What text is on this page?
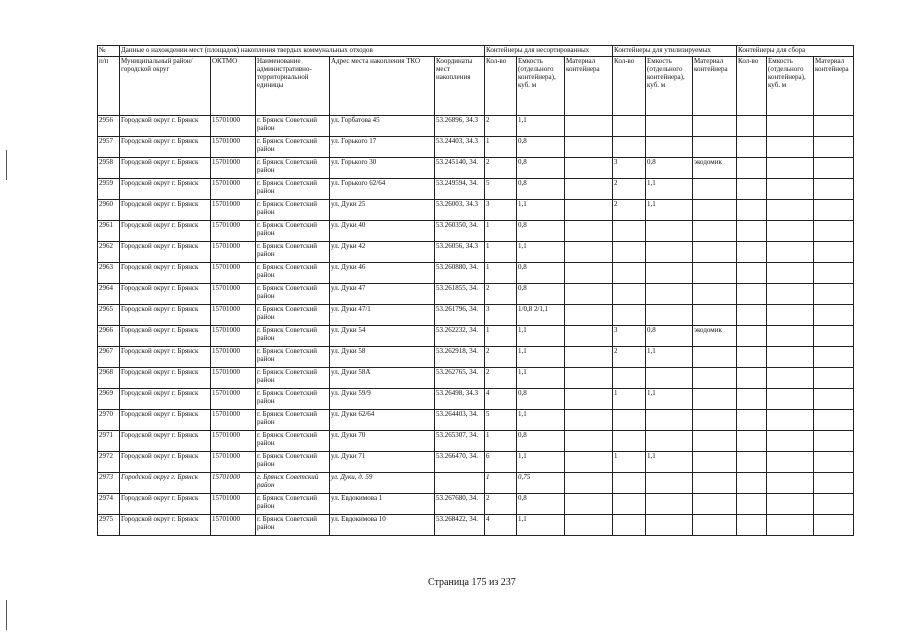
№	Данные о нахождении мест (площадок) накопления твердых коммунальных отходов					Контейнеры для несортированных			Контейнеры для утилизируемых			Контейнеры для сбора		
п/п	Муниципальный район/городской округ	ОКТМО	Наименование административно-территориальной единицы	Адрес места накопления ТКО	Координаты мест накопления	Кол-во	Емкость (отдельного контейнера), куб. м	Материал контейнера	Кол-во	Емкость (отдельного контейнера), куб. м	Материал контейнера	Кол-во	Емкость (отдельного контейнера), куб. м	Материал контейнера
2956	Городской округ г. Брянск	15701000	г. Брянск Советский район	ул. Горбатова 45	53.26896, 34.3	2	1,1							
2957	Городской округ г. Брянск	15701000	г. Брянск Советский район	ул. Горького 17	53.24403, 34.3	1	0,8							
2958	Городской округ г. Брянск	15701000	г. Брянск Советский район	ул. Горького 30	53.245140, 34.	2	0,8		3	0,8	экодомик			
2959	Городской округ г. Брянск	15701000	г. Брянск Советский район	ул. Горького 62/64	53.249594, 34.	5	0,8		2	1,1				
2960	Городской округ г. Брянск	15701000	г. Брянск Советский район	ул. Дуки 25	53.26003, 34.3	3	1,1		2	1,1				
2961	Городской округ г. Брянск	15701000	г. Брянск Советский район	ул. Дуки 40	53.260350, 34.	1	0,8							
2962	Городской округ г. Брянск	15701000	г. Брянск Советский район	ул. Дуки 42	53.26056, 34.3	1	1,1							
2963	Городской округ г. Брянск	15701000	г. Брянск Советский район	ул. Дуки 46	53.260880, 34.	1	0,8							
2964	Городской округ г. Брянск	15701000	г. Брянск Советский район	ул. Дуки 47	53.261855, 34.	2	0,8							
2965	Городской округ г. Брянск	15701000	г. Брянск Советский район	ул. Дуки 47/1	53.261796, 34.	3	1/0,8 2/1,1							
2966	Городской округ г. Брянск	15701000	г. Брянск Советский район	ул. Дуки 54	53.262232, 34.	1	1,1		3	0,8	экодомик			
2967	Городской округ г. Брянск	15701000	г. Брянск Советский район	ул. Дуки 58	53.262918, 34.	2	1,1		2	1,1				
2968	Городской округ г. Брянск	15701000	г. Брянск Советский район	ул. Дуки 58А	53.262765, 34.	2	1,1							
2969	Городской округ г. Брянск	15701000	г. Брянск Советский район	ул. Дуки 59/9	53.26498, 34.3	4	0,8		1	1,1				
2970	Городской округ г. Брянск	15701000	г. Брянск Советский район	ул. Дуки 62/64	53.264403, 34.	5	1,1							
2971	Городской округ г. Брянск	15701000	г. Брянск Советский район	ул. Дуки 70	53.265307, 34.	1	0,8							
2972	Городской округ г. Брянск	15701000	г. Брянск Советский район	ул. Дуки 71	53.266470, 34.	6	1,1		1	1,1				
2973	Городской округ г. Брянск	15701000	г. Брянск Советский район	ул. Дуки, д. 59		1	0,75							
2974	Городской округ г. Брянск	15701000	г. Брянск Советский район	ул. Евдокимова 1	53.267680, 34.	2	0,8							
2975	Городской округ г. Брянск	15701000	г. Брянск Советский район	ул. Евдокимова 10	53.268422, 34.	4	1,1							
Страница 175 из 237
